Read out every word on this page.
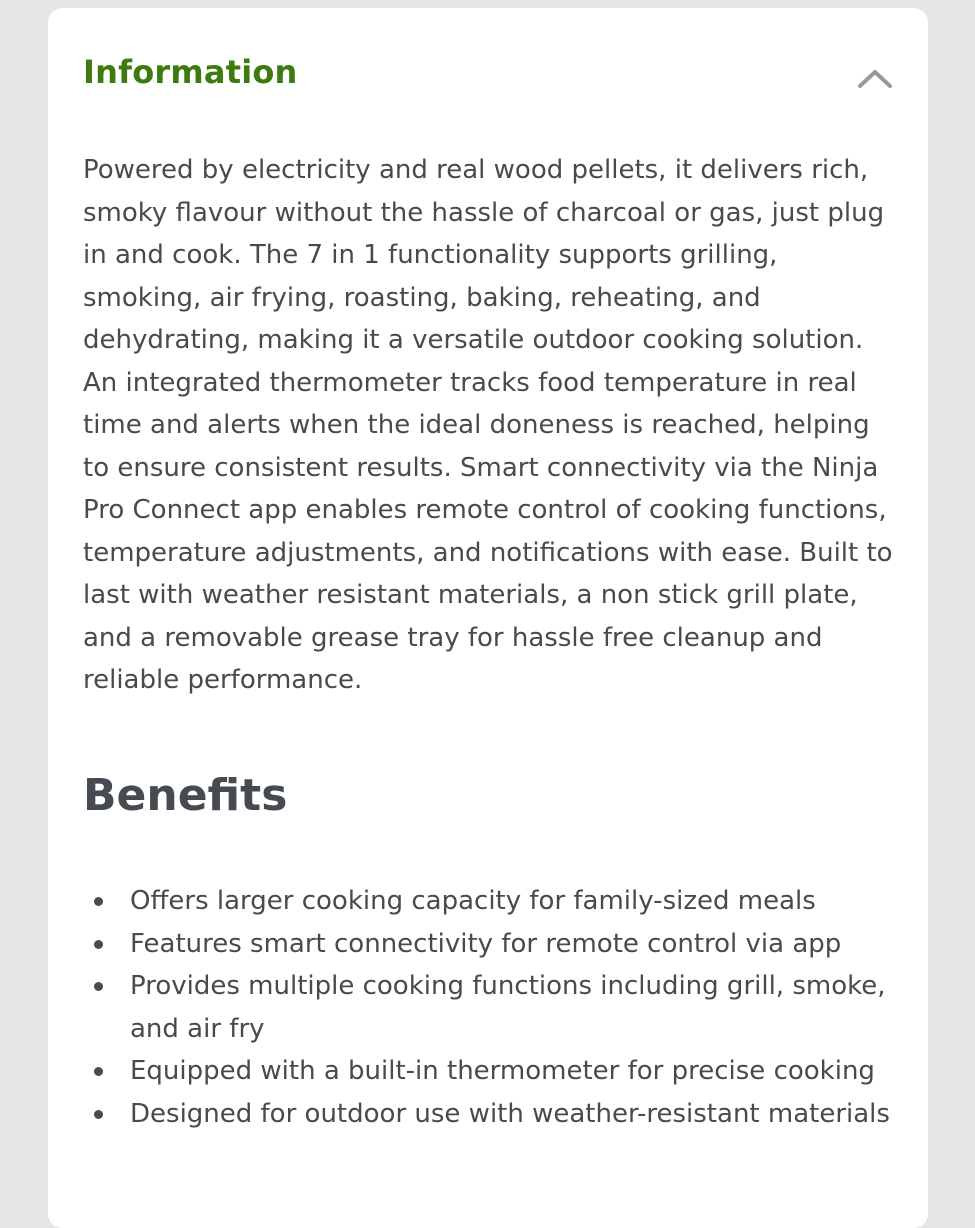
Information

Powered by electricity and real wood pellets, it delivers rich, smoky flavour without the hassle of charcoal or gas, just plug in and cook. The 7 in 1 functionality supports grilling, smoking, air frying, roasting, baking, reheating, and dehydrating, making it a versatile outdoor cooking solution. An integrated thermometer tracks food temperature in real time and alerts when the ideal doneness is reached, helping to ensure consistent results. Smart connectivity via the Ninja Pro Connect app enables remote control of cooking functions, temperature adjustments, and notifications with ease. Built to last with weather resistant materials, a non stick grill plate, and a removable grease tray for hassle free cleanup and reliable performance.

Benefits
Offers larger cooking capacity for family-sized meals
Features smart connectivity for remote control via app
Provides multiple cooking functions including grill, smoke, and air fry
Equipped with a built-in thermometer for precise cooking
Designed for outdoor use with weather-resistant materials
